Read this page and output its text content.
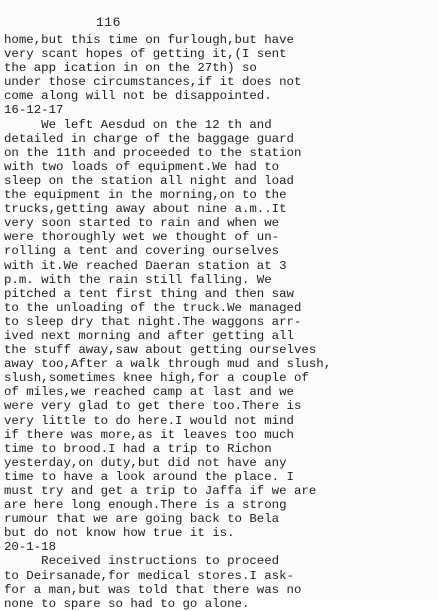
116
home,but this time on furlough,but have
very scant hopes of getting it,(I sent
the app ication in on the 27th) so
under those circumstances,if it does not
come along will not be disappointed.
16-12-17
We left Aesdud on the 12 th and
detailed in charge of the baggage guard
on the 11th and proceeded to the station
with two loads of equipment.We had to
sleep on the station all night and load
the equipment in the morning,on to the
trucks,getting away about nine a.m..It
very soon started to rain and when we
were thoroughly wet we thought of un-
rolling a tent and covering ourselves
with it.We reached Daeran station at 3
p.m. with the rain still falling. We
pitched a tent first thing and then saw
to the unloading of the truck.We managed
to sleep dry that night.The waggons arr-
ived next morning and after getting all
the stuff away,saw about getting ourselves
away too,After a walk through mud and slush,
slush,sometimes knee high,for a couple of
of miles,we reached camp at last and we
were very glad to get there too.There is
very little to do here.I would not mind
if there was more,as it leaves too much
time to brood.I had a trip to Richon
yesterday,on duty,but did not have any
time to have a look around the place. I
must try and get a trip to Jaffa if we are
are here long enough.There is a strong
rumour that we are going back to Bela
but do not know how true it is.
20-1-18
Received instructions to proceed
to Deirsanade,for medical stores.I ask-
for a man,but was told that there was no
none to spare so had to go alone.
